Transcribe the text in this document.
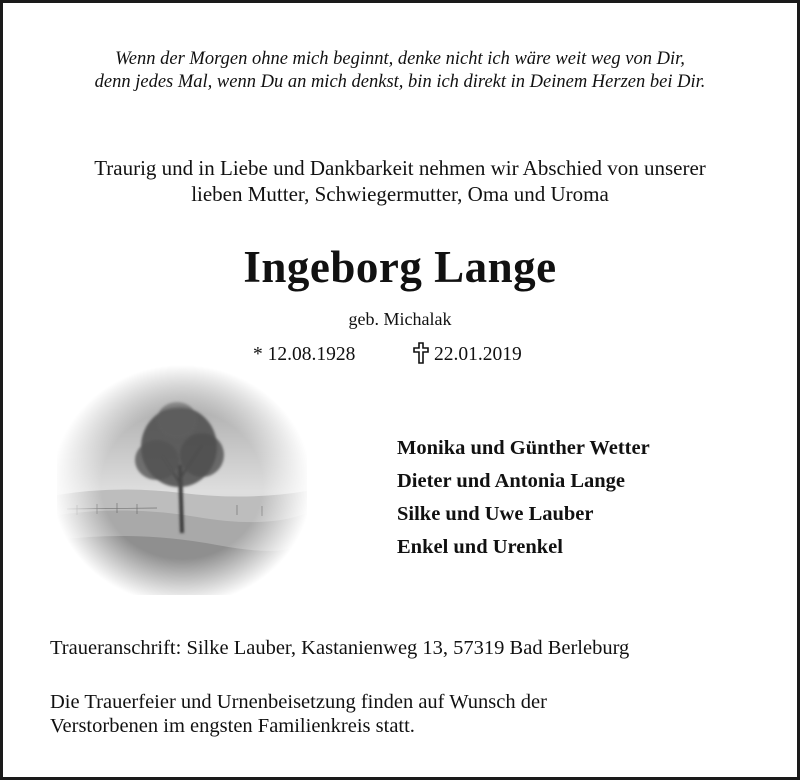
Wenn der Morgen ohne mich beginnt, denke nicht ich wäre weit weg von Dir,
denn jedes Mal, wenn Du an mich denkst, bin ich direkt in Deinem Herzen bei Dir.
Traurig und in Liebe und Dankbarkeit nehmen wir Abschied von unserer
lieben Mutter, Schwiegermutter, Oma und Uroma
Ingeborg Lange
geb. Michalak
* 12.08.1928	22.01.2019
Monika und Günther Wetter
Dieter und Antonia Lange
Silke und Uwe Lauber
Enkel und Urenkel
Traueranschrift: Silke Lauber, Kastanienweg 13, 57319 Bad Berleburg
Die Trauerfeier und Urnenbeisetzung finden auf Wunsch der
Verstorbenen im engsten Familienkreis statt.
